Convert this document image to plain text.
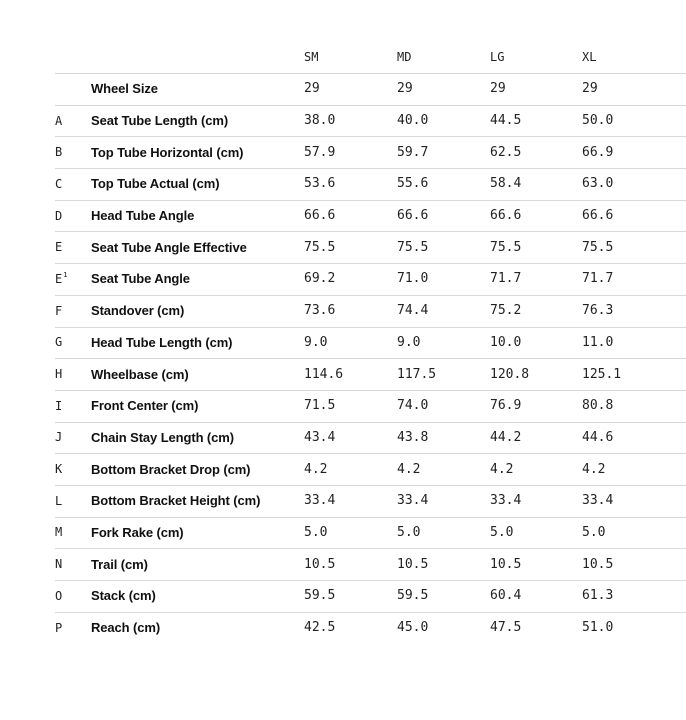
SM	MD	LG	XL
Wheel Size	29	29	29	29
A Seat Tube Length (cm)	38.0	40.0	44.5	50.0
B Top Tube Horizontal (cm)	57.9	59.7	62.5	66.9
C Top Tube Actual (cm)	53.6	55.6	58.4	63.0
D Head Tube Angle	66.6	66.6	66.6	66.6
E Seat Tube Angle Effective	75.5	75.5	75.5	75.5
$E^1$ Seat Tube Angle	69.2	71.0	71.7	71.7
F Standover (cm)	73.6	74.4	75.2	76.3
G Head Tube Length (cm)	9.0	9.0	10.0	11.0
H Wheelbase (cm)	114.6	117.5	120.8	125.1
I Front Center (cm)	71.5	74.0	76.9	80.8
J Chain Stay Length (cm)	43.4	43.8	44.2	44.6
K Bottom Bracket Drop (cm)	4.2	4.2	4.2	4.2
L Bottom Bracket Height (cm)	33.4	33.4	33.4	33.4
M Fork Rake (cm)	5.0	5.0	5.0	5.0
N Trail (cm)	10.5	10.5	10.5	10.5
O Stack (cm)	59.5	59.5	60.4	61.3
P Reach (cm)	42.5	45.0	47.5	51.0
